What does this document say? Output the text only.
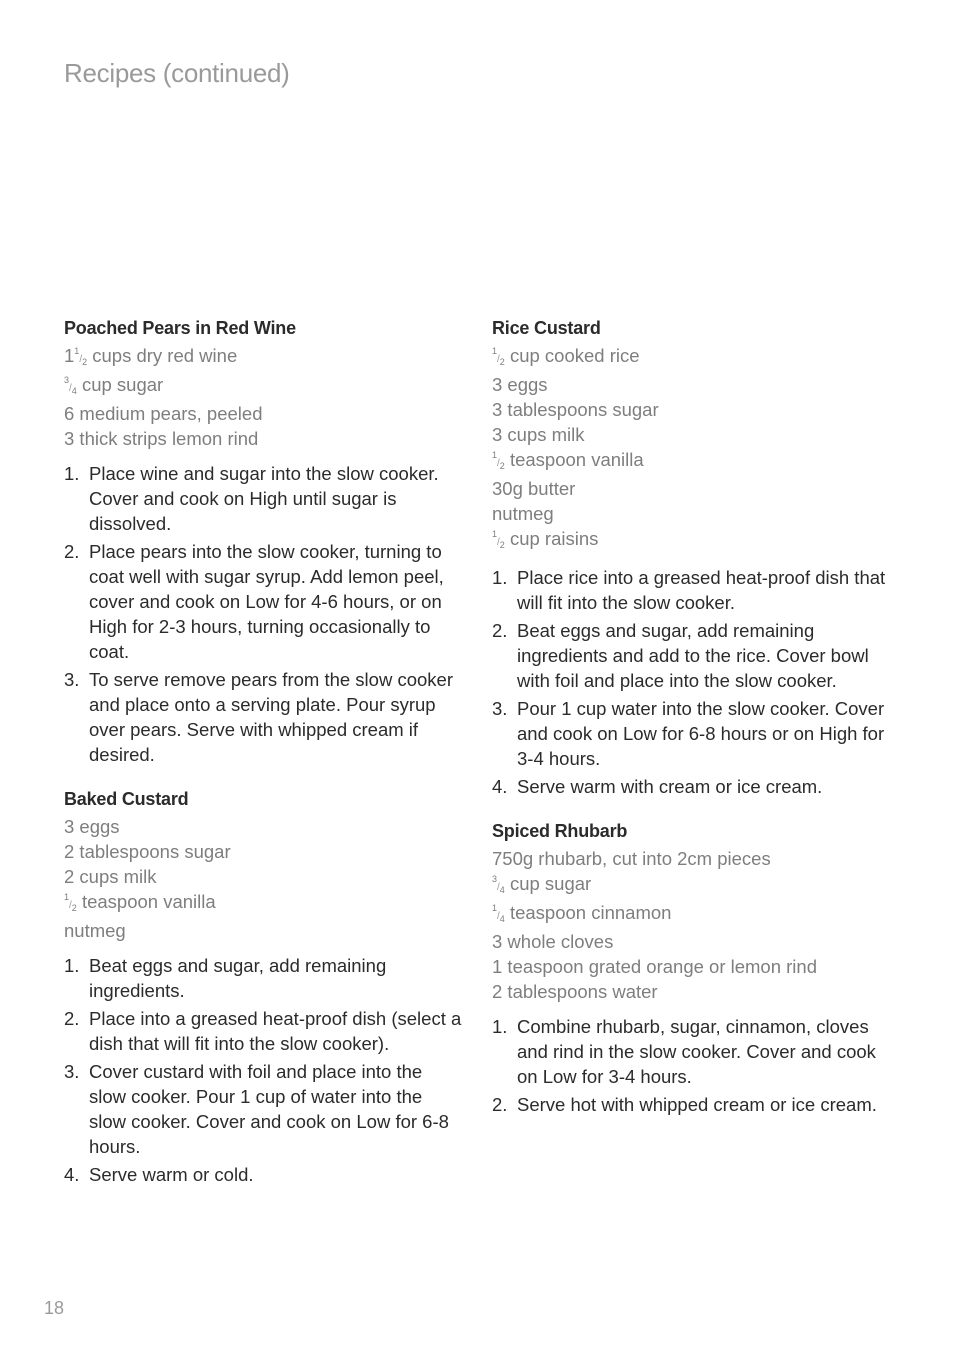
Recipes (continued)
Poached Pears in Red Wine
$1^1/_2$ cups dry red wine
$^3/_4$ cup sugar
6 medium pears, peeled
3 thick strips lemon rind
1. Place wine and sugar into the slow cooker. Cover and cook on High until sugar is dissolved.
2. Place pears into the slow cooker, turning to coat well with sugar syrup. Add lemon peel, cover and cook on Low for 4-6 hours, or on High for 2-3 hours, turning occasionally to coat.
3. To serve remove pears from the slow cooker and place onto a serving plate. Pour syrup over pears. Serve with whipped cream if desired.
Baked Custard
3 eggs
2 tablespoons sugar
2 cups milk
$^1/_2$ teaspoon vanilla
nutmeg
1. Beat eggs and sugar, add remaining ingredients.
2. Place into a greased heat-proof dish (select a dish that will fit into the slow cooker).
3. Cover custard with foil and place into the slow cooker. Pour 1 cup of water into the slow cooker. Cover and cook on Low for 6-8 hours.
4. Serve warm or cold.
Rice Custard
$^1/_2$ cup cooked rice
3 eggs
3 tablespoons sugar
3 cups milk
$^1/_2$ teaspoon vanilla
30g butter
nutmeg
$^1/_2$ cup raisins
1. Place rice into a greased heat-proof dish that will fit into the slow cooker.
2. Beat eggs and sugar, add remaining ingredients and add to the rice. Cover bowl with foil and place into the slow cooker.
3. Pour 1 cup water into the slow cooker. Cover and cook on Low for 6-8 hours or on High for 3-4 hours.
4. Serve warm with cream or ice cream.
Spiced Rhubarb
750g rhubarb, cut into 2cm pieces
$^3/_4$ cup sugar
$^1/_4$ teaspoon cinnamon
3 whole cloves
1 teaspoon grated orange or lemon rind
2 tablespoons water
1. Combine rhubarb, sugar, cinnamon, cloves and rind in the slow cooker. Cover and cook on Low for 3-4 hours.
2. Serve hot with whipped cream or ice cream.
18
